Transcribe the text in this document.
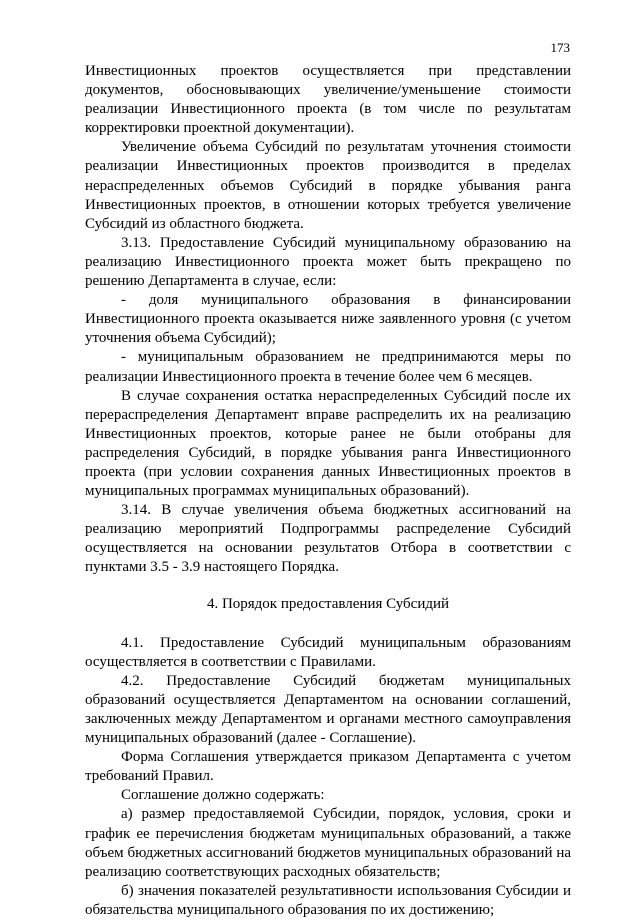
173

Инвестиционных проектов осуществляется при представлении документов, обосновывающих увеличение/уменьшение стоимости реализации Инвестиционного проекта (в том числе по результатам корректировки проектной документации).

Увеличение объема Субсидий по результатам уточнения стоимости реализации Инвестиционных проектов производится в пределах нераспределенных объемов Субсидий в порядке убывания ранга Инвестиционных проектов, в отношении которых требуется увеличение Субсидий из областного бюджета.

3.13. Предоставление Субсидий муниципальному образованию на реализацию Инвестиционного проекта может быть прекращено по решению Департамента в случае, если:

- доля муниципального образования в финансировании Инвестиционного проекта оказывается ниже заявленного уровня (с учетом уточнения объема Субсидий);

- муниципальным образованием не предпринимаются меры по реализации Инвестиционного проекта в течение более чем 6 месяцев.

В случае сохранения остатка нераспределенных Субсидий после их перераспределения Департамент вправе распределить их на реализацию Инвестиционных проектов, которые ранее не были отобраны для распределения Субсидий, в порядке убывания ранга Инвестиционного проекта (при условии сохранения данных Инвестиционных проектов в муниципальных программах муниципальных образований).

3.14. В случае увеличения объема бюджетных ассигнований на реализацию мероприятий Подпрограммы распределение Субсидий осуществляется на основании результатов Отбора в соответствии с пунктами 3.5 - 3.9 настоящего Порядка.

4. Порядок предоставления Субсидий

4.1. Предоставление Субсидий муниципальным образованиям осуществляется в соответствии с Правилами.

4.2. Предоставление Субсидий бюджетам муниципальных образований осуществляется Департаментом на основании соглашений, заключенных между Департаментом и органами местного самоуправления муниципальных образований (далее - Соглашение).

Форма Соглашения утверждается приказом Департамента с учетом требований Правил.

Соглашение должно содержать:

а) размер предоставляемой Субсидии, порядок, условия, сроки и график ее перечисления бюджетам муниципальных образований, а также объем бюджетных ассигнований бюджетов муниципальных образований на реализацию соответствующих расходных обязательств;

б) значения показателей результативности использования Субсидии и обязательства муниципального образования по их достижению;
